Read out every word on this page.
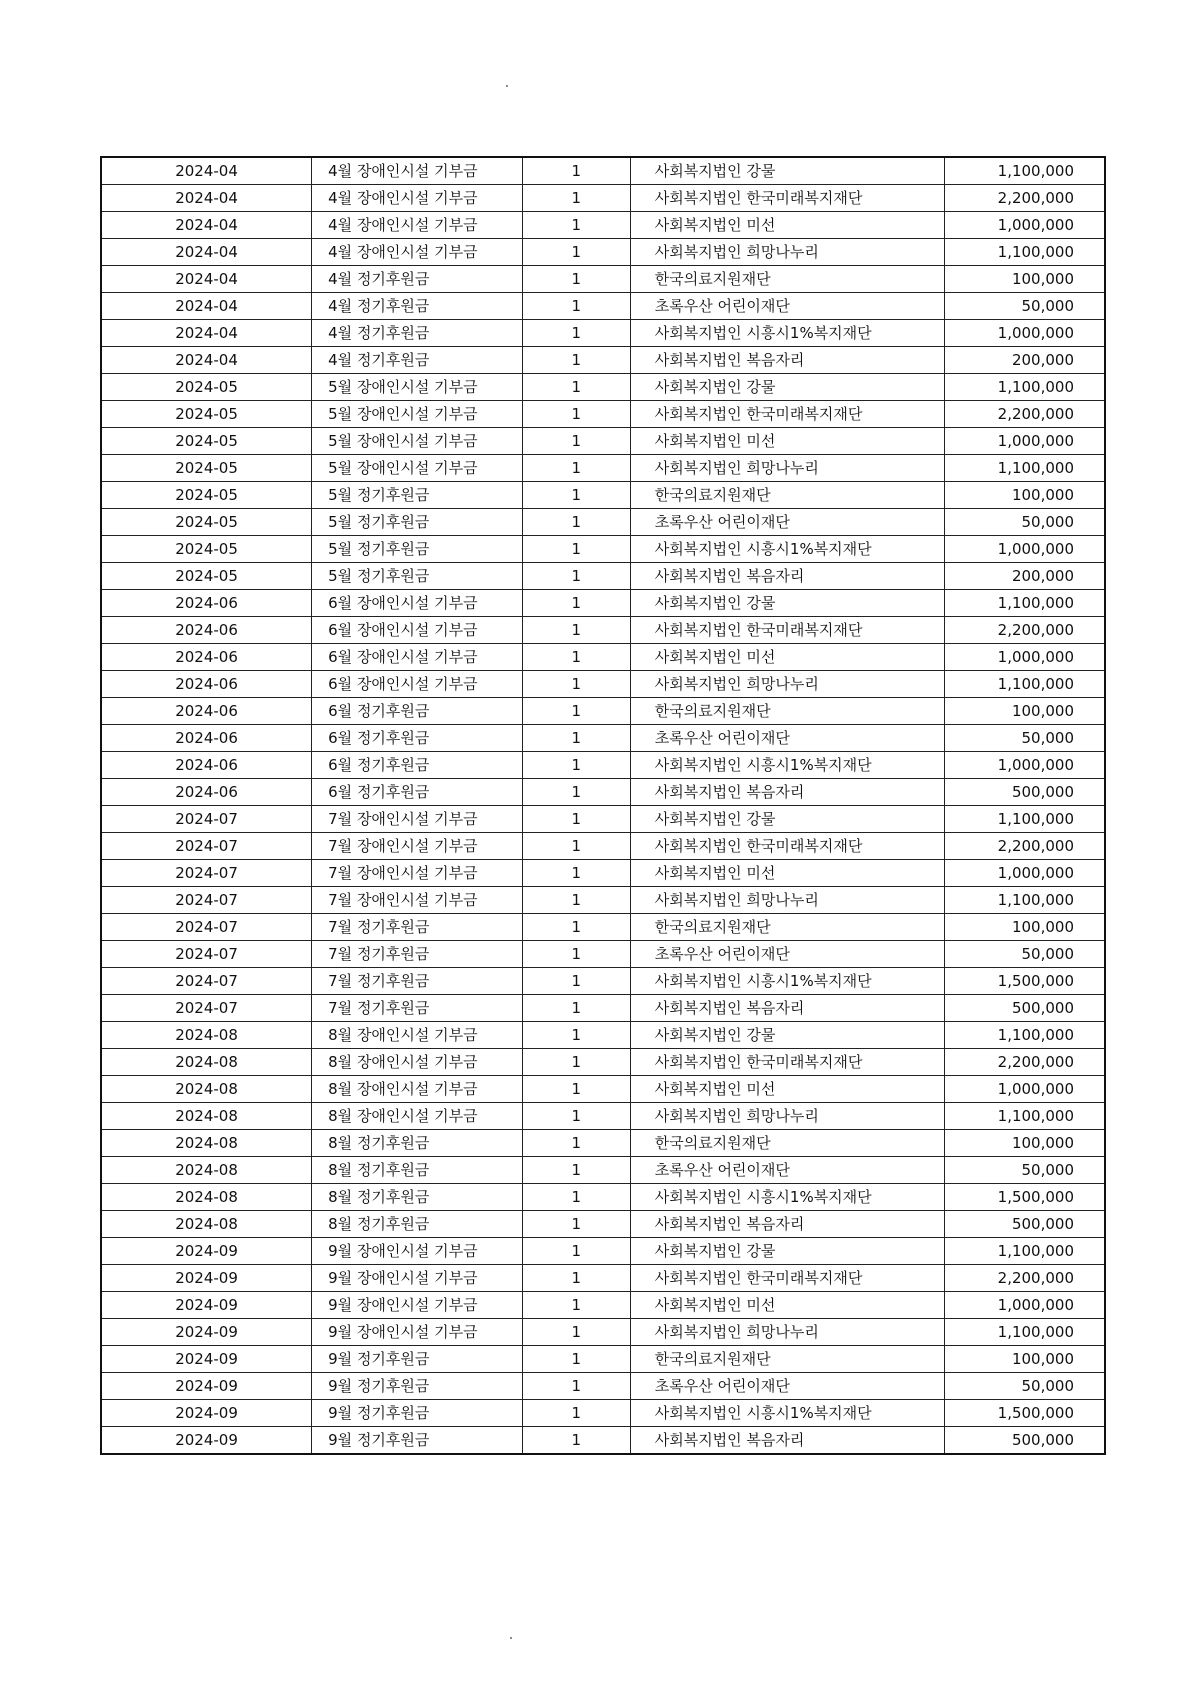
2024-04	4월 장애인시설 기부금	1	사회복지법인 강물	1,100,000
2024-04	4월 장애인시설 기부금	1	사회복지법인 한국미래복지재단	2,200,000
2024-04	4월 장애인시설 기부금	1	사회복지법인 미선	1,000,000
2024-04	4월 장애인시설 기부금	1	사회복지법인 희망나누리	1,100,000
2024-04	4월 정기후원금	1	한국의료지원재단	100,000
2024-04	4월 정기후원금	1	초록우산 어린이재단	50,000
2024-04	4월 정기후원금	1	사회복지법인 시흥시1%복지재단	1,000,000
2024-04	4월 정기후원금	1	사회복지법인 복음자리	200,000
2024-05	5월 장애인시설 기부금	1	사회복지법인 강물	1,100,000
2024-05	5월 장애인시설 기부금	1	사회복지법인 한국미래복지재단	2,200,000
2024-05	5월 장애인시설 기부금	1	사회복지법인 미선	1,000,000
2024-05	5월 장애인시설 기부금	1	사회복지법인 희망나누리	1,100,000
2024-05	5월 정기후원금	1	한국의료지원재단	100,000
2024-05	5월 정기후원금	1	초록우산 어린이재단	50,000
2024-05	5월 정기후원금	1	사회복지법인 시흥시1%복지재단	1,000,000
2024-05	5월 정기후원금	1	사회복지법인 복음자리	200,000
2024-06	6월 장애인시설 기부금	1	사회복지법인 강물	1,100,000
2024-06	6월 장애인시설 기부금	1	사회복지법인 한국미래복지재단	2,200,000
2024-06	6월 장애인시설 기부금	1	사회복지법인 미선	1,000,000
2024-06	6월 장애인시설 기부금	1	사회복지법인 희망나누리	1,100,000
2024-06	6월 정기후원금	1	한국의료지원재단	100,000
2024-06	6월 정기후원금	1	초록우산 어린이재단	50,000
2024-06	6월 정기후원금	1	사회복지법인 시흥시1%복지재단	1,000,000
2024-06	6월 정기후원금	1	사회복지법인 복음자리	500,000
2024-07	7월 장애인시설 기부금	1	사회복지법인 강물	1,100,000
2024-07	7월 장애인시설 기부금	1	사회복지법인 한국미래복지재단	2,200,000
2024-07	7월 장애인시설 기부금	1	사회복지법인 미선	1,000,000
2024-07	7월 장애인시설 기부금	1	사회복지법인 희망나누리	1,100,000
2024-07	7월 정기후원금	1	한국의료지원재단	100,000
2024-07	7월 정기후원금	1	초록우산 어린이재단	50,000
2024-07	7월 정기후원금	1	사회복지법인 시흥시1%복지재단	1,500,000
2024-07	7월 정기후원금	1	사회복지법인 복음자리	500,000
2024-08	8월 장애인시설 기부금	1	사회복지법인 강물	1,100,000
2024-08	8월 장애인시설 기부금	1	사회복지법인 한국미래복지재단	2,200,000
2024-08	8월 장애인시설 기부금	1	사회복지법인 미선	1,000,000
2024-08	8월 장애인시설 기부금	1	사회복지법인 희망나누리	1,100,000
2024-08	8월 정기후원금	1	한국의료지원재단	100,000
2024-08	8월 정기후원금	1	초록우산 어린이재단	50,000
2024-08	8월 정기후원금	1	사회복지법인 시흥시1%복지재단	1,500,000
2024-08	8월 정기후원금	1	사회복지법인 복음자리	500,000
2024-09	9월 장애인시설 기부금	1	사회복지법인 강물	1,100,000
2024-09	9월 장애인시설 기부금	1	사회복지법인 한국미래복지재단	2,200,000
2024-09	9월 장애인시설 기부금	1	사회복지법인 미선	1,000,000
2024-09	9월 장애인시설 기부금	1	사회복지법인 희망나누리	1,100,000
2024-09	9월 정기후원금	1	한국의료지원재단	100,000
2024-09	9월 정기후원금	1	초록우산 어린이재단	50,000
2024-09	9월 정기후원금	1	사회복지법인 시흥시1%복지재단	1,500,000
2024-09	9월 정기후원금	1	사회복지법인 복음자리	500,000
